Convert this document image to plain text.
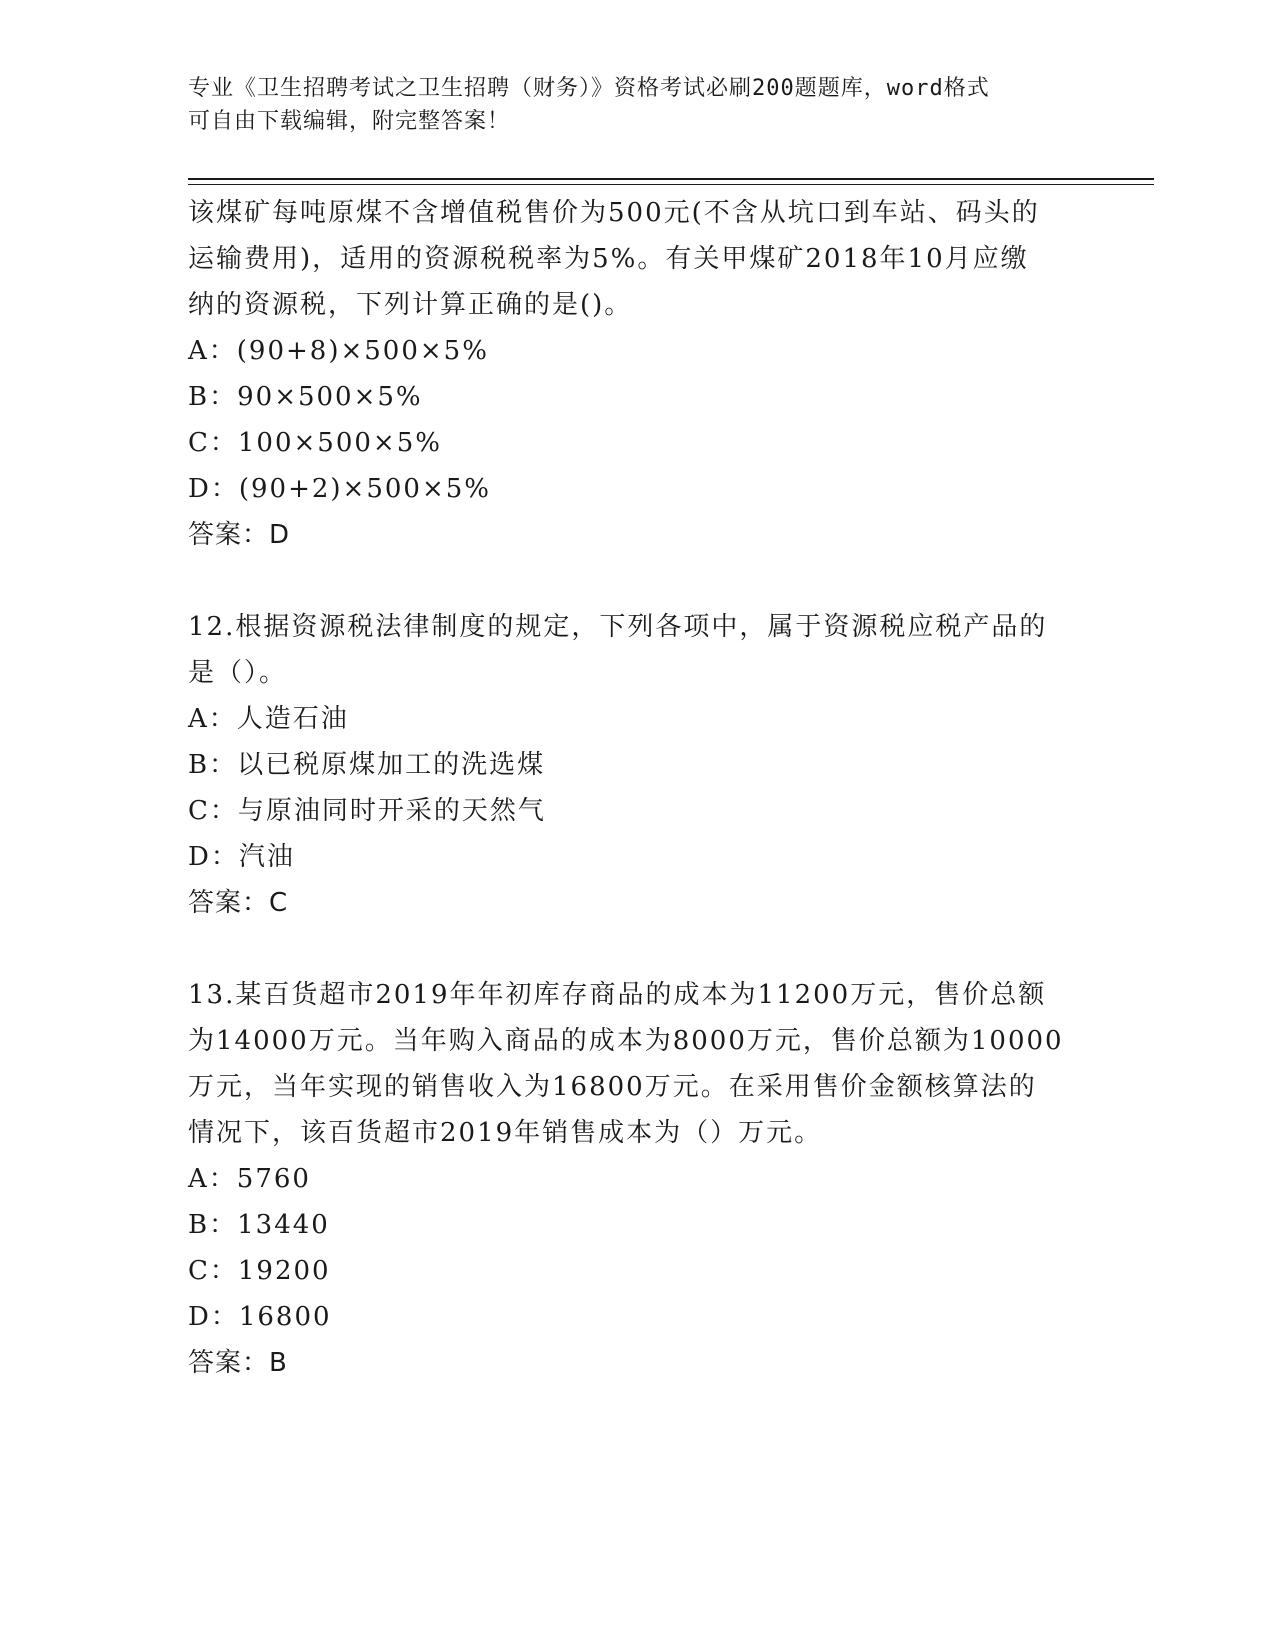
专业《卫生招聘考试之卫生招聘（财务）》资格考试必刷200题题库，word格式
可自由下载编辑，附完整答案！

该煤矿每吨原煤不含增值税售价为500元(不含从坑口到车站、码头的

运输费用)，适用的资源税税率为5%。有关甲煤矿2018年10月应缴

纳的资源税，下列计算正确的是()。

A：(90+8)×500×5%

B：90×500×5%

C：100×500×5%

D：(90+2)×500×5%

答案：D

12.根据资源税法律制度的规定，下列各项中，属于资源税应税产品的

是（）。

A：人造石油

B：以已税原煤加工的洗选煤

C：与原油同时开采的天然气

D：汽油

答案：C

13.某百货超市2019年年初库存商品的成本为11200万元，售价总额

为14000万元。当年购入商品的成本为8000万元，售价总额为10000

万元，当年实现的销售收入为16800万元。在采用售价金额核算法的

情况下，该百货超市2019年销售成本为（）万元。

A：5760

B：13440

C：19200

D：16800

答案：B
